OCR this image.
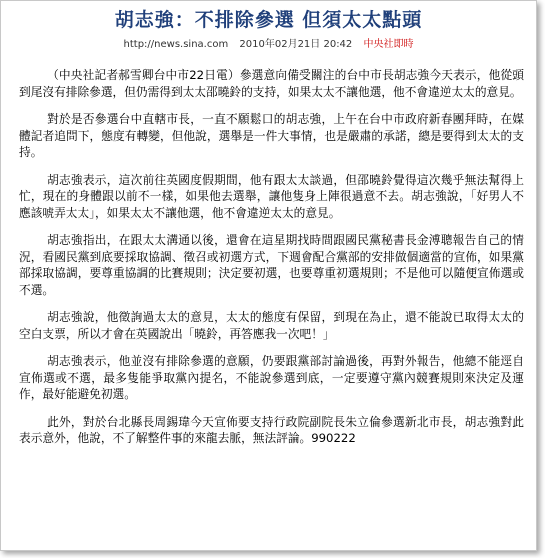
胡志強：不排除參選 但須太太點頭
http://news.sina.com 2010年02月21日 20:42 中央社即時

（中央社記者郝雪卿台中市22日電）參選意向備受關注的台中市長胡志強今天表示，他從頭到尾沒有排除參選，但仍需得到太太邵曉鈴的支持，如果太太不讓他選，他不會違逆太太的意見。

對於是否參選台中直轄市長，一直不願鬆口的胡志強，上午在台中市政府新春團拜時，在媒體記者追問下，態度有轉變，但他說，選舉是一件大事情，也是嚴肅的承諾，總是要得到太太的支持。

胡志強表示，這次前往英國度假期間，他有跟太太談過，但邵曉鈴覺得這次幾乎無法幫得上忙，現在的身體跟以前不一樣，如果他去選舉，讓他隻身上陣很過意不去。胡志強說，「好男人不應該唬弄太太」，如果太太不讓他選，他不會違逆太太的意見。

胡志強指出，在跟太太溝通以後，還會在這星期找時間跟國民黨秘書長金溥聰報告自己的情況，看國民黨到底要採取協調、徵召或初選方式，下週會配合黨部的安排做個適當的宣佈，如果黨部採取協調，要尊重協調的比賽規則；決定要初選，也要尊重初選規則；不是他可以隨便宣佈選或不選。

胡志強說，他徵詢過太太的意見，太太的態度有保留，到現在為止，還不能說已取得太太的空白支票，所以才會在英國說出「曉鈴，再答應我一次吧！」

胡志強表示，他並沒有排除參選的意願，仍要跟黨部討論過後，再對外報告，他總不能逕自宣佈選或不選，最多隻能爭取黨內提名，不能說參選到底，一定要遵守黨內競賽規則來決定及運作，最好能避免初選。

此外，對於台北縣長周錫瑋今天宣佈要支持行政院副院長朱立倫參選新北市長，胡志強對此表示意外，他說，不了解整件事的來龍去脈，無法評論。990222
